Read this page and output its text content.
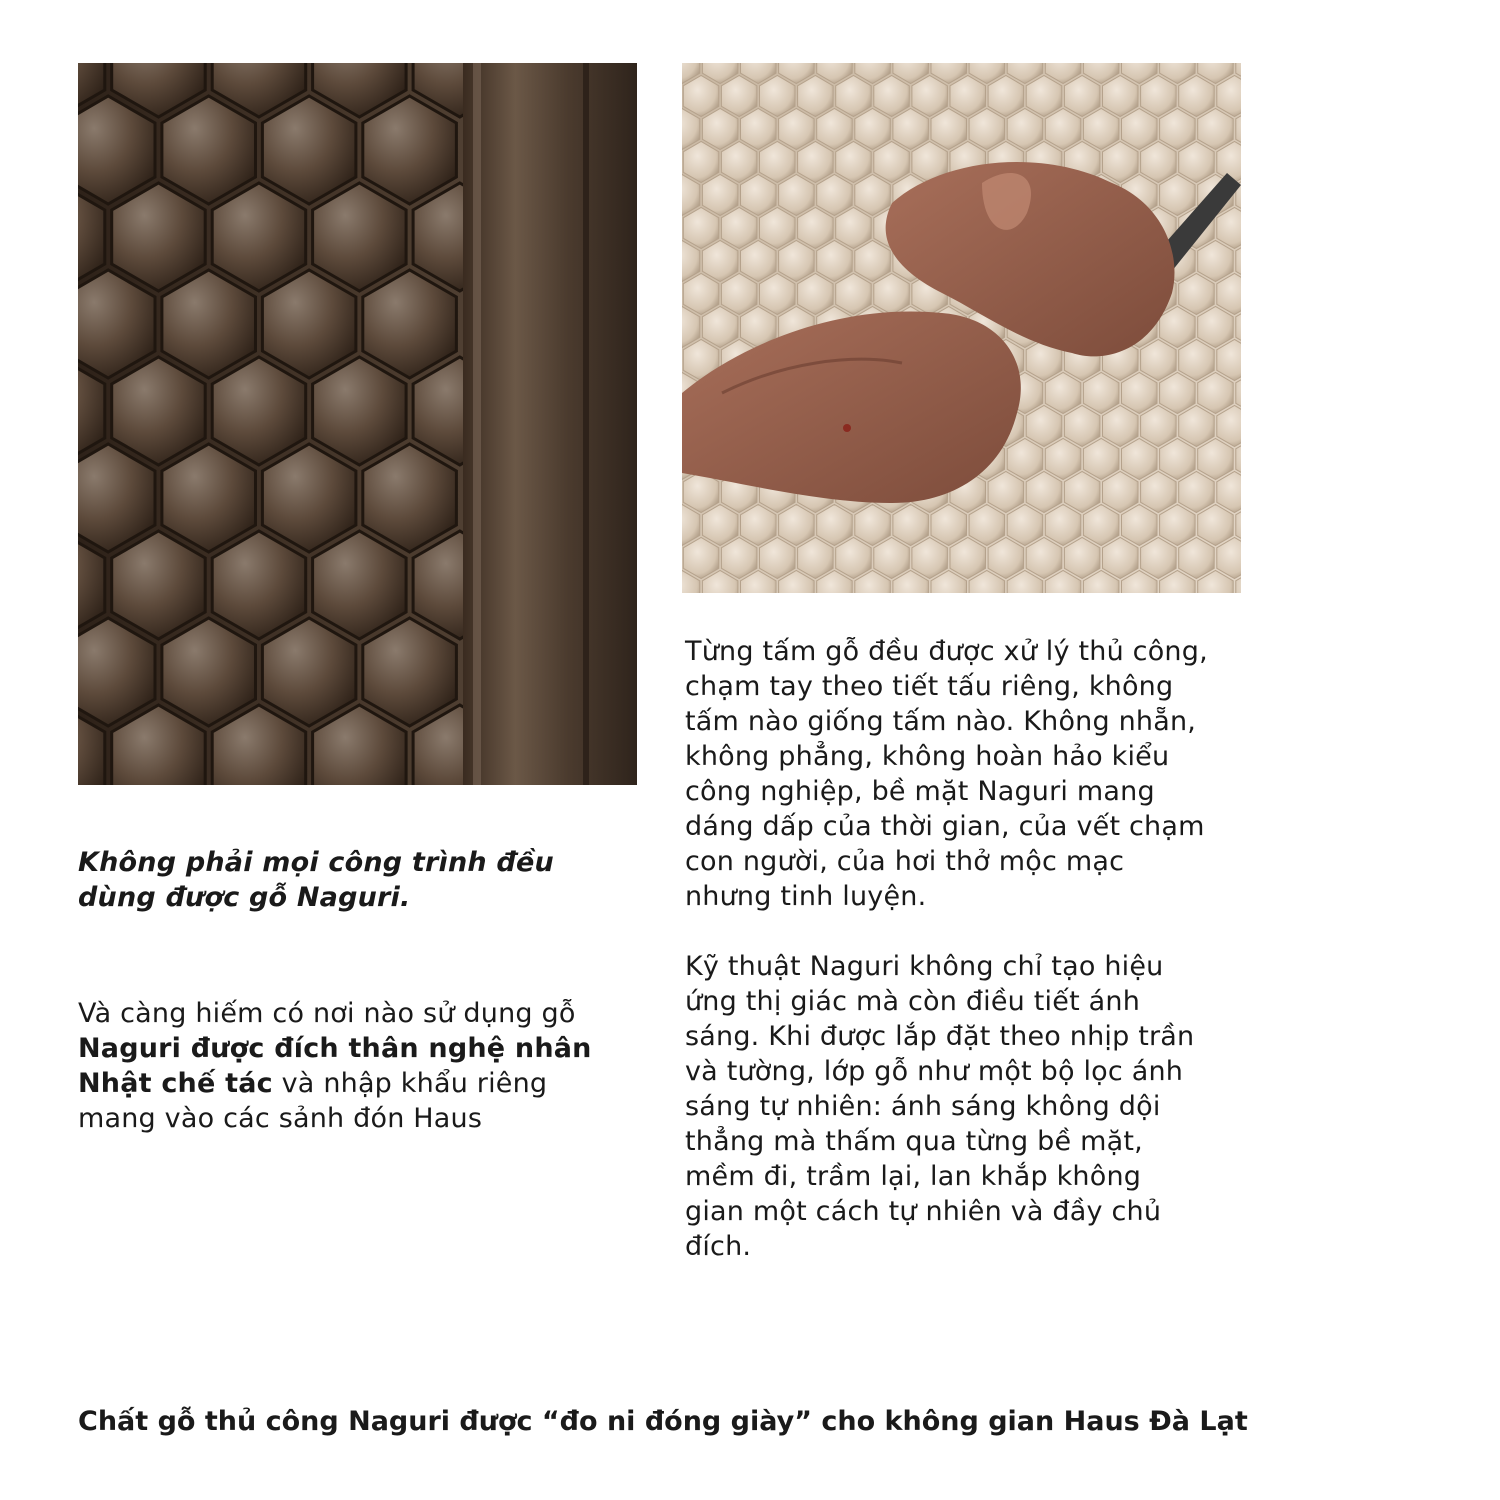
Không phải mọi công trình đều
dùng được gỗ Naguri.
Và càng hiếm có nơi nào sử dụng gỗ
Naguri được đích thân nghệ nhân
Nhật chế tác và nhập khẩu riêng
mang vào các sảnh đón Haus
Từng tấm gỗ đều được xử lý thủ công,
chạm tay theo tiết tấu riêng, không
tấm nào giống tấm nào. Không nhẵn,
không phẳng, không hoàn hảo kiểu
công nghiệp, bề mặt Naguri mang
dáng dấp của thời gian, của vết chạm
con người, của hơi thở mộc mạc
nhưng tinh luyện.
Kỹ thuật Naguri không chỉ tạo hiệu
ứng thị giác mà còn điều tiết ánh
sáng. Khi được lắp đặt theo nhịp trần
và tường, lớp gỗ như một bộ lọc ánh
sáng tự nhiên: ánh sáng không dội
thẳng mà thấm qua từng bề mặt,
mềm đi, trầm lại, lan khắp không
gian một cách tự nhiên và đầy chủ
đích.
Chất gỗ thủ công Naguri được “đo ni đóng giày” cho không gian Haus Đà Lạt
